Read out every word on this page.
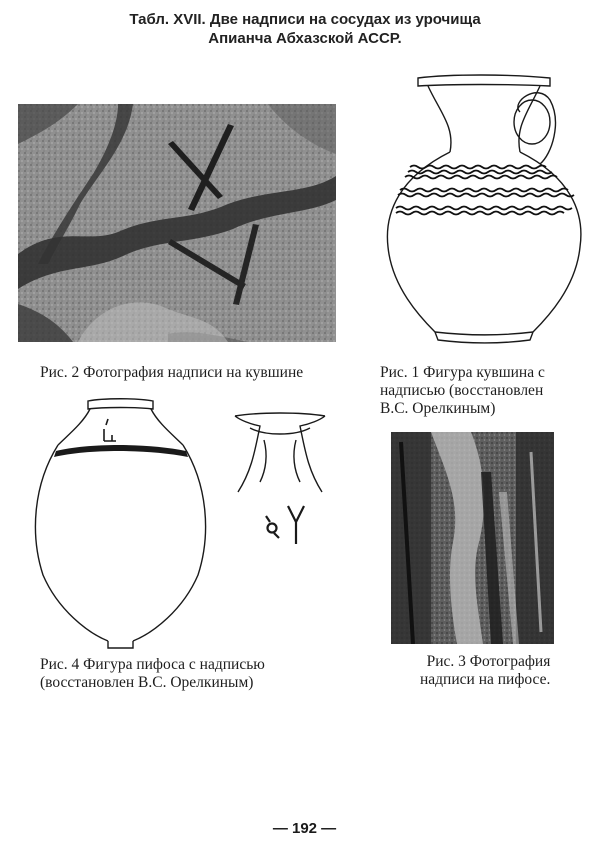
Табл. XVII. Две надписи на сосудах из урочища
Апианча Абхазской АССР.
Рис. 2 Фотография надписи на кувшине	Рис. 1 Фигура кувшина с
надписью (восстановлен
В.С. Орелкиным)
Рис. 4 Фигура пифоса с надписью
(восстановлен В.С. Орелкиным)
Рис. 3 Фотография
надписи на пифосе.
— 192 —
